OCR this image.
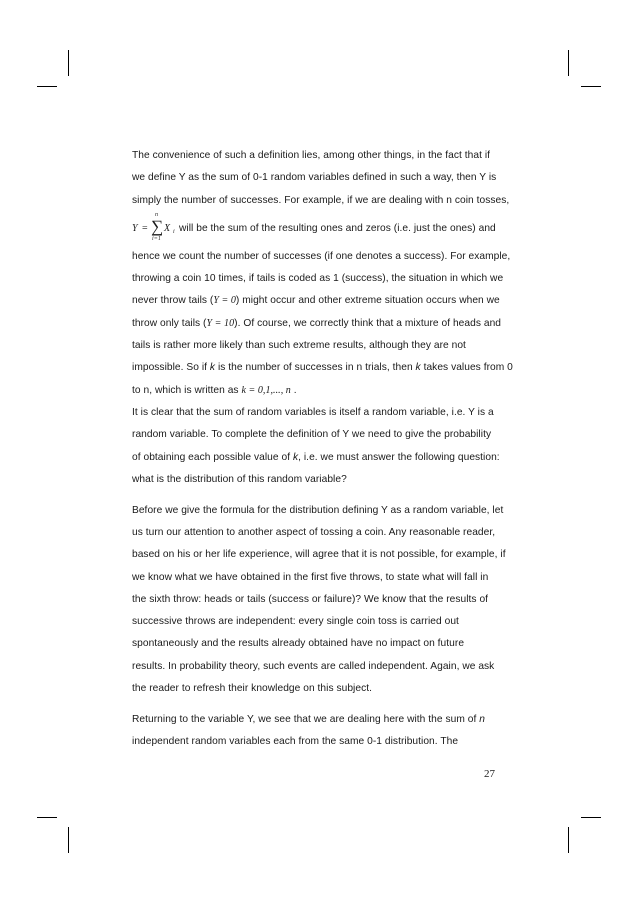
The convenience of such a definition lies, among other things, in the fact that if
we define Y as the sum of 0-1 random variables defined in such a way, then Y is
simply the number of successes. For example, if we are dealing with n coin tosses,
Y =
n
∑
i=1
X i will be the sum of the resulting ones and zeros (i.e. just the ones) and
hence we count the number of successes (if one denotes a success). For example,
throwing a coin 10 times, if tails is coded as 1 (success), the situation in which we
never throw tails (Y = 0) might occur and other extreme situation occurs when we
throw only tails (Y = 10). Of course, we correctly think that a mixture of heads and
tails is rather more likely than such extreme results, although they are not
impossible. So if k is the number of successes in n trials, then k takes values from 0
to n, which is written as k = 0,1,..., n .
It is clear that the sum of random variables is itself a random variable, i.e. Y is a
random variable. To complete the definition of Y we need to give the probability
of obtaining each possible value of k, i.e. we must answer the following question:
what is the distribution of this random variable?
Before we give the formula for the distribution defining Y as a random variable, let
us turn our attention to another aspect of tossing a coin. Any reasonable reader,
based on his or her life experience, will agree that it is not possible, for example, if
we know what we have obtained in the first five throws, to state what will fall in
the sixth throw: heads or tails (success or failure)? We know that the results of
successive throws are independent: every single coin toss is carried out
spontaneously and the results already obtained have no impact on future
results. In probability theory, such events are called independent. Again, we ask
the reader to refresh their knowledge on this subject.
Returning to the variable Y, we see that we are dealing here with the sum of n
independent random variables each from the same 0-1 distribution. The
27
